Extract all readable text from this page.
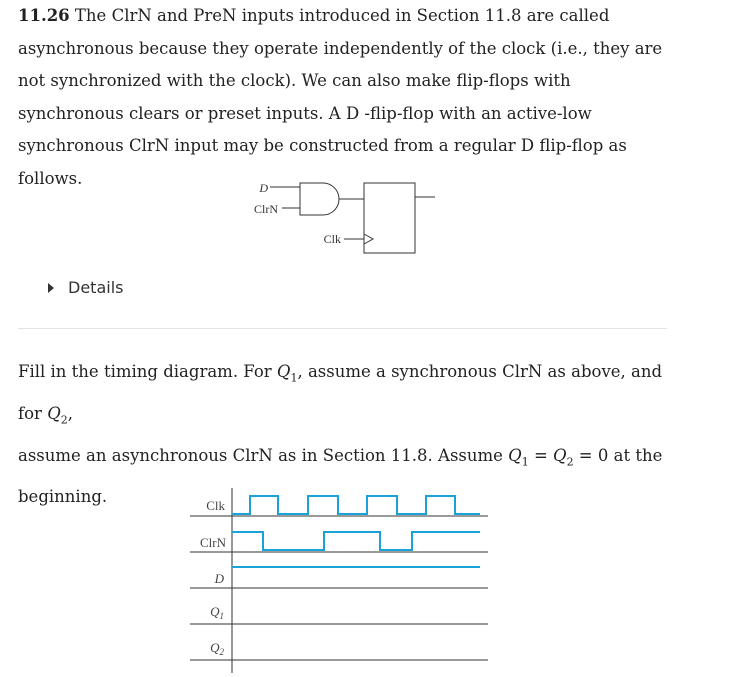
11.26 The ClrN and PreN inputs introduced in Section 11.8 are called asynchronous because they operate independently of the clock (i.e., they are not synchronized with the clock). We can also make flip-flops with synchronous clears or preset inputs. A D -flip-flop with an active-low synchronous ClrN input may be constructed from a regular D flip-flop as follows.
D
ClrN
Clk
Details
Fill in the timing diagram. For $Q_1$, assume a synchronous ClrN as above, and for $Q_2$,
assume an asynchronous ClrN as in Section 11.8. Assume $Q_1 = Q_2 = 0$ at the
beginning.	Clk
ClrN
D
$Q_1$
$Q_2$
